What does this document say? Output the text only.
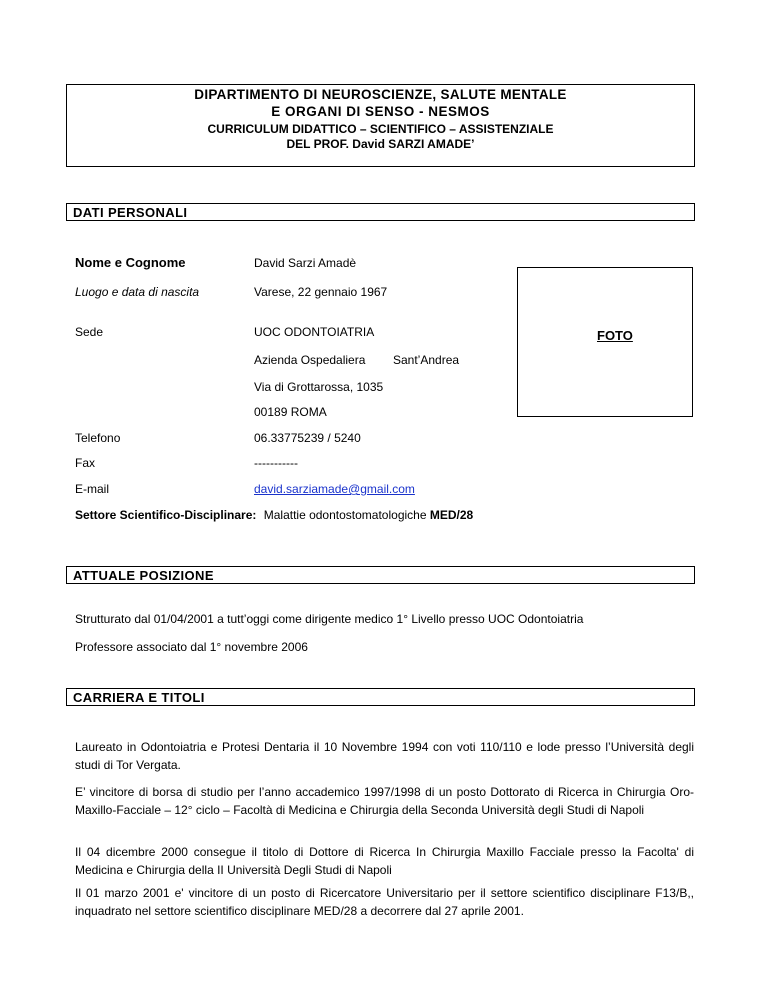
DIPARTIMENTO DI NEUROSCIENZE, SALUTE MENTALE
E ORGANI DI SENSO - NESMOS
CURRICULUM DIDATTICO – SCIENTIFICO – ASSISTENZIALE
DEL PROF. David SARZI AMADE’
DATI PERSONALI
Nome e Cognome	David Sarzi Amadè
Luogo e data di nascita	Varese, 22 gennaio 1967
Sede	UOC ODONTOIATRIA
Azienda Ospedaliera Sant’Andrea
Via di Grottarossa, 1035
00189 ROMA
Telefono	06.33775239 / 5240
Fax	-----------
E-mail	david.sarziamade@gmail.com
Settore Scientifico-Disciplinare: Malattie odontostomatologiche MED/28
FOTO
ATTUALE POSIZIONE
Strutturato dal 01/04/2001 a tutt’oggi come dirigente medico 1° Livello presso UOC Odontoiatria
Professore associato dal 1° novembre 2006
CARRIERA E TITOLI
Laureato in Odontoiatria e Protesi Dentaria il 10 Novembre 1994 con voti 110/110 e lode presso l’Università degli studi di Tor Vergata.
E’ vincitore di borsa di studio per l’anno accademico 1997/1998 di un posto Dottorato di Ricerca in Chirurgia Oro-Maxillo-Facciale – 12° ciclo – Facoltà di Medicina e Chirurgia della Seconda Università degli Studi di Napoli
Il 04 dicembre 2000 consegue il titolo di Dottore di Ricerca In Chirurgia Maxillo Facciale presso la Facolta' di Medicina e Chirurgia della II Università Degli Studi di Napoli
Il 01 marzo 2001 e' vincitore di un posto di Ricercatore Universitario per il settore scientifico disciplinare F13/B,, inquadrato nel settore scientifico disciplinare MED/28 a decorrere dal 27 aprile 2001.
